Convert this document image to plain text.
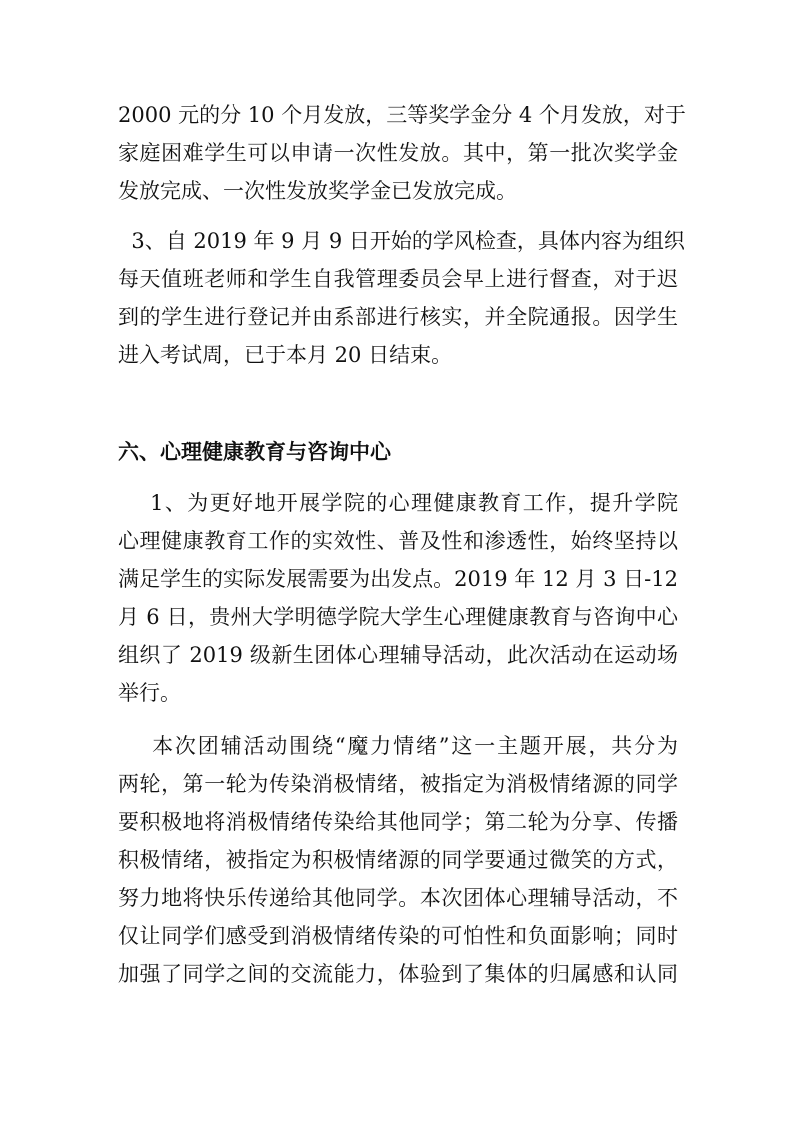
2000 元的分 10 个月发放，三等奖学金分 4 个月发放，对于
家庭困难学生可以申请一次性发放。其中，第一批次奖学金
发放完成、一次性发放奖学金已发放完成。
3、自 2019 年 9 月 9 日开始的学风检查，具体内容为组织
每天值班老师和学生自我管理委员会早上进行督查，对于迟
到的学生进行登记并由系部进行核实，并全院通报。因学生
进入考试周，已于本月 20 日结束。
六、心理健康教育与咨询中心
1、为更好地开展学院的心理健康教育工作，提升学院
心理健康教育工作的实效性、普及性和渗透性，始终坚持以
满足学生的实际发展需要为出发点。2019 年 12 月 3 日-12
月 6 日，贵州大学明德学院大学生心理健康教育与咨询中心
组织了 2019 级新生团体心理辅导活动，此次活动在运动场
举行。
本次团辅活动围绕“魔力情绪”这一主题开展，共分为
两轮，第一轮为传染消极情绪，被指定为消极情绪源的同学
要积极地将消极情绪传染给其他同学；第二轮为分享、传播
积极情绪，被指定为积极情绪源的同学要通过微笑的方式，
努力地将快乐传递给其他同学。本次团体心理辅导活动，不
仅让同学们感受到消极情绪传染的可怕性和负面影响；同时
加强了同学之间的交流能力，体验到了集体的归属感和认同
